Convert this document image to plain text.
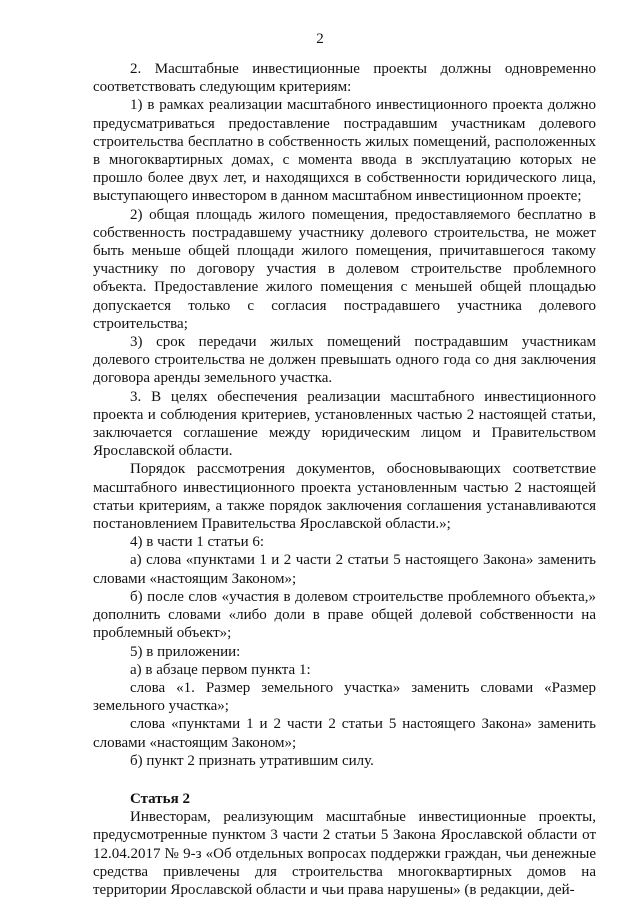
2

2. Масштабные инвестиционные проекты должны одновременно соответствовать следующим критериям:

1) в рамках реализации масштабного инвестиционного проекта должно предусматриваться предоставление пострадавшим участникам долевого строительства бесплатно в собственность жилых помещений, расположенных в многоквартирных домах, с момента ввода в эксплуатацию которых не прошло более двух лет, и находящихся в собственности юридического лица, выступающего инвестором в данном масштабном инвестиционном проекте;

2) общая площадь жилого помещения, предоставляемого бесплатно в собственность пострадавшему участнику долевого строительства, не может быть меньше общей площади жилого помещения, причитавшегося такому участнику по договору участия в долевом строительстве проблемного объекта. Предоставление жилого помещения с меньшей общей площадью допускается только с согласия пострадавшего участника долевого строительства;

3) срок передачи жилых помещений пострадавшим участникам долевого строительства не должен превышать одного года со дня заключения договора аренды земельного участка.

3. В целях обеспечения реализации масштабного инвестиционного проекта и соблюдения критериев, установленных частью 2 настоящей статьи, заключается соглашение между юридическим лицом и Правительством Ярославской области.

Порядок рассмотрения документов, обосновывающих соответствие масштабного инвестиционного проекта установленным частью 2 настоящей статьи критериям, а также порядок заключения соглашения устанавливаются постановлением Правительства Ярославской области.»;

4) в части 1 статьи 6:

а) слова «пунктами 1 и 2 части 2 статьи 5 настоящего Закона» заменить словами «настоящим Законом»;

б) после слов «участия в долевом строительстве проблемного объекта,» дополнить словами «либо доли в праве общей долевой собственности на проблемный объект»;

5) в приложении:

а) в абзаце первом пункта 1:

слова «1. Размер земельного участка» заменить словами «Размер земельного участка»;

слова «пунктами 1 и 2 части 2 статьи 5 настоящего Закона» заменить словами «настоящим Законом»;

б) пункт 2 признать утратившим силу.

Статья 2

Инвесторам, реализующим масштабные инвестиционные проекты, предусмотренные пунктом 3 части 2 статьи 5 Закона Ярославской области от 12.04.2017 № 9-з «Об отдельных вопросах поддержки граждан, чьи денежные средства привлечены для строительства многоквартирных домов на территории Ярославской области и чьи права нарушены» (в редакции, дей-
